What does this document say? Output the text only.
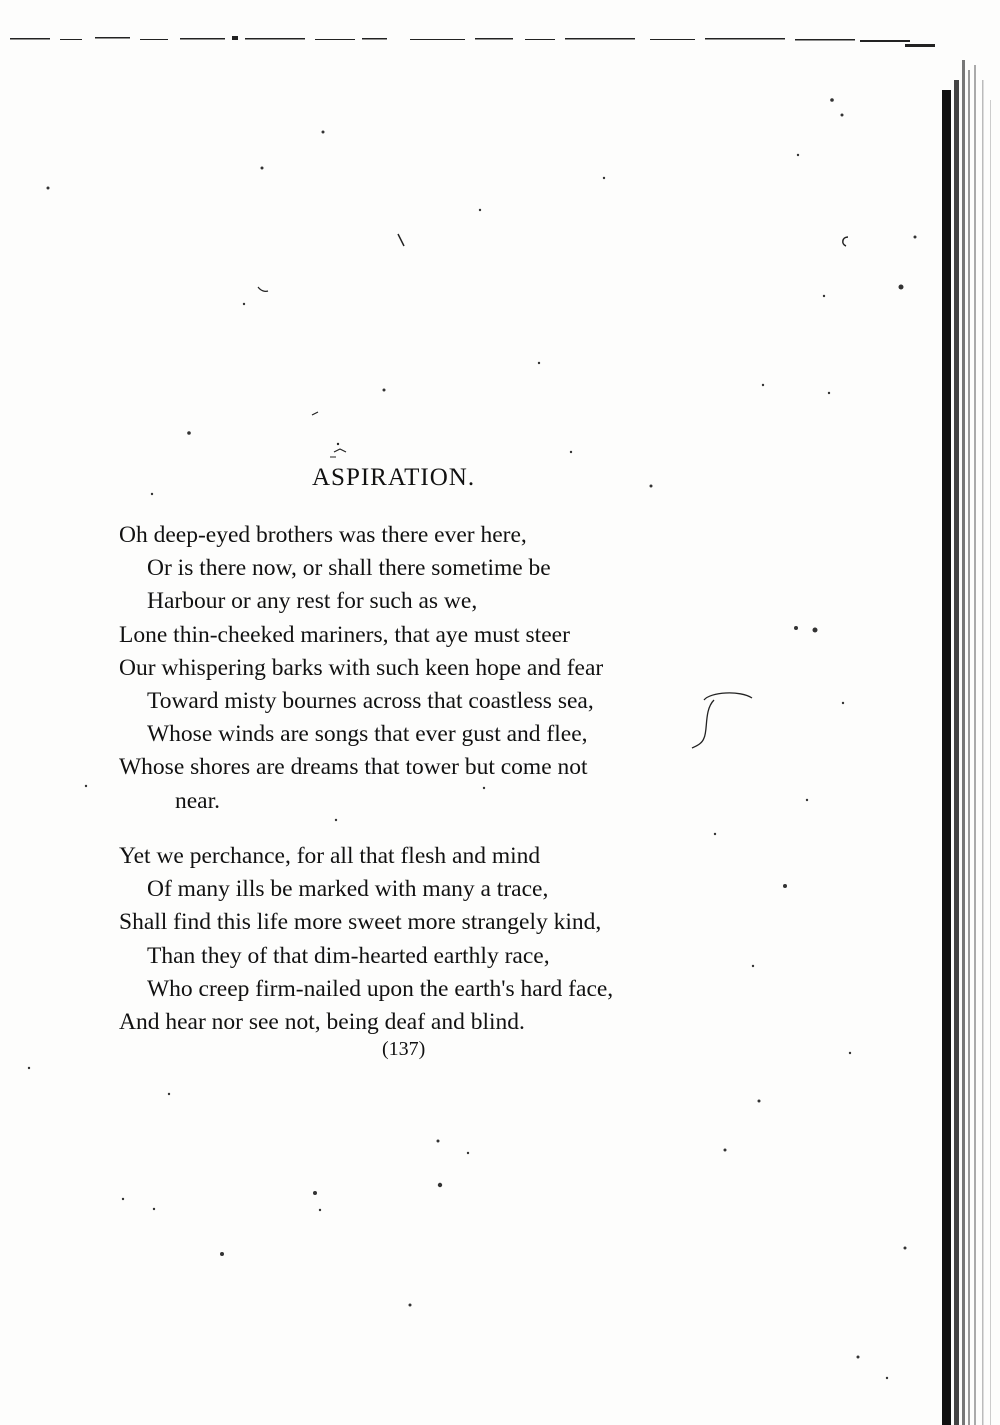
ASPIRATION.
Oh deep-eyed brothers was there ever here,
Or is there now, or shall there sometime be
Harbour or any rest for such as we,
Lone thin-cheeked mariners, that aye must steer
Our whispering barks with such keen hope and fear
Toward misty bournes across that coastless sea,
Whose winds are songs that ever gust and flee,
Whose shores are dreams that tower but come not
near.
Yet we perchance, for all that flesh and mind
Of many ills be marked with many a trace,
Shall find this life more sweet more strangely kind,
Than they of that dim-hearted earthly race,
Who creep firm-nailed upon the earth's hard face,
And hear nor see not, being deaf and blind.

(137)
